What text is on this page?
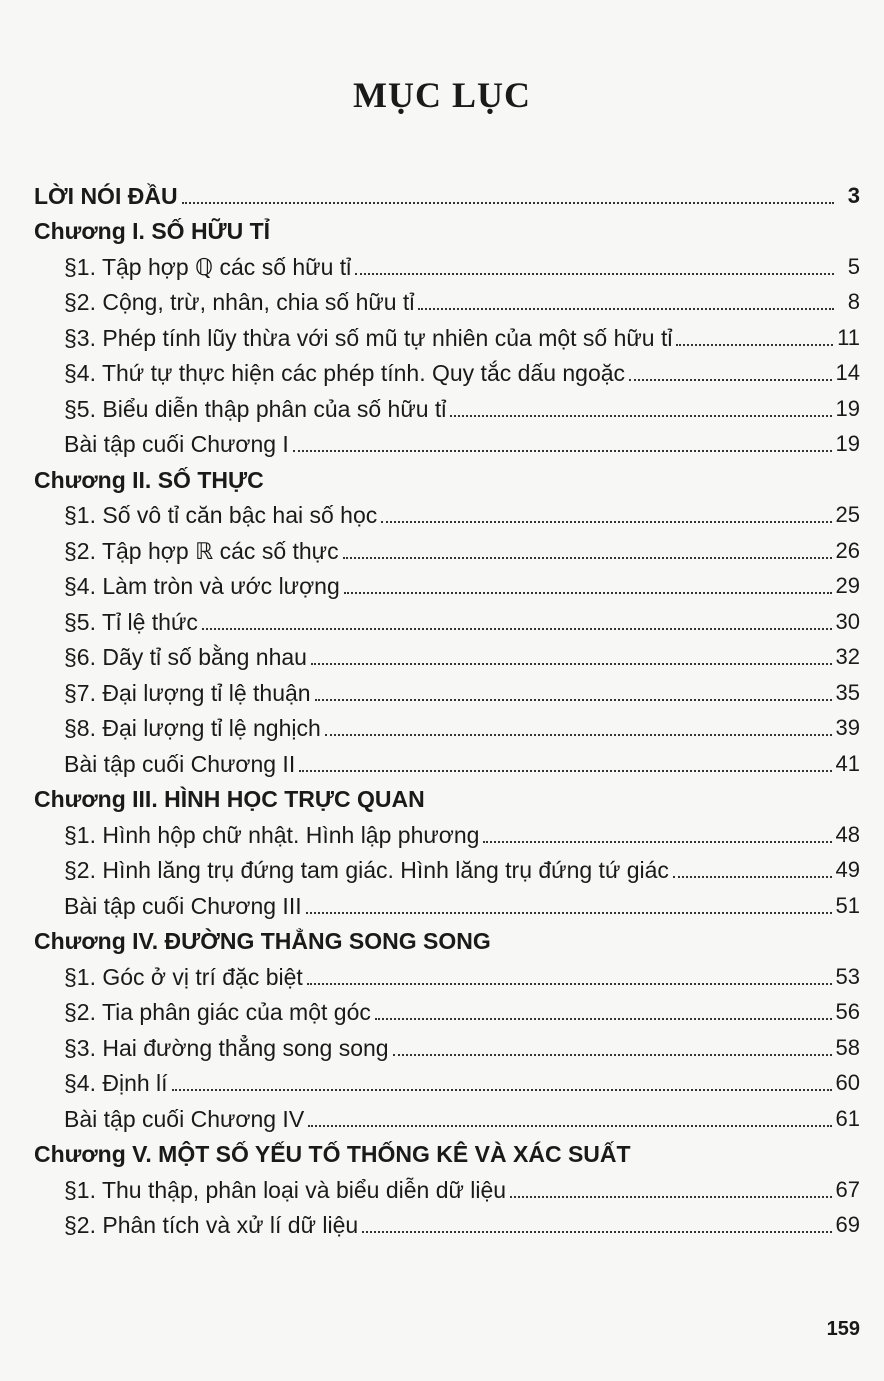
MỤC LỤC
LỜI NÓI ĐẦU	3
Chương I. SỐ HỮU TỈ
§1. Tập hợp ℚ các số hữu tỉ	5
§2. Cộng, trừ, nhân, chia số hữu tỉ	8
§3. Phép tính lũy thừa với số mũ tự nhiên của một số hữu tỉ	11
§4. Thứ tự thực hiện các phép tính. Quy tắc dấu ngoặc	14
§5. Biểu diễn thập phân của số hữu tỉ	19
Bài tập cuối Chương I	19
Chương II. SỐ THỰC
§1. Số vô tỉ căn bậc hai số học	25
§2. Tập hợp ℝ các số thực	26
§4. Làm tròn và ước lượng	29
§5. Tỉ lệ thức	30
§6. Dãy tỉ số bằng nhau	32
§7. Đại lượng tỉ lệ thuận	35
§8. Đại lượng tỉ lệ nghịch	39
Bài tập cuối Chương II	41
Chương III. HÌNH HỌC TRỰC QUAN
§1. Hình hộp chữ nhật. Hình lập phương	48
§2. Hình lăng trụ đứng tam giác. Hình lăng trụ đứng tứ giác	49
Bài tập cuối Chương III	51
Chương IV. ĐƯỜNG THẲNG SONG SONG
§1. Góc ở vị trí đặc biệt	53
§2. Tia phân giác của một góc	56
§3. Hai đường thẳng song song	58
§4. Định lí	60
Bài tập cuối Chương IV	61
Chương V. MỘT SỐ YẾU TỐ THỐNG KÊ VÀ XÁC SUẤT
§1. Thu thập, phân loại và biểu diễn dữ liệu	67
§2. Phân tích và xử lí dữ liệu	69
159
